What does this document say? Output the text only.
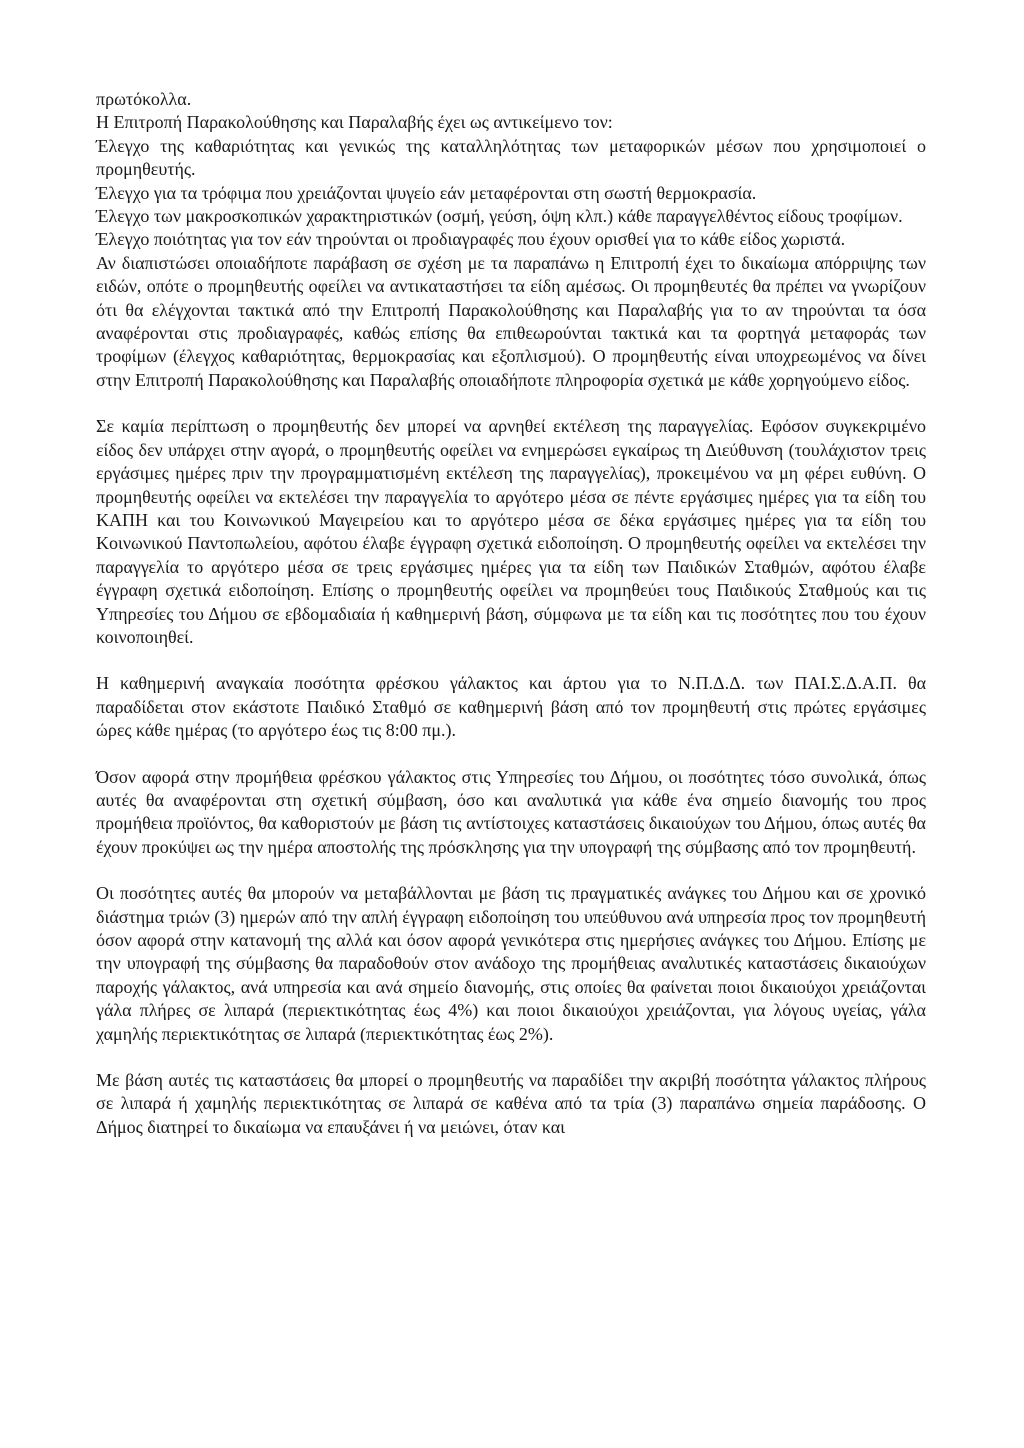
πρωτόκολλα.

Η Επιτροπή Παρακολούθησης και Παραλαβής έχει ως αντικείμενο τον:

Έλεγχο της καθαριότητας και γενικώς της καταλληλότητας των μεταφορικών μέσων που χρησιμοποιεί ο προμηθευτής.

Έλεγχο για τα τρόφιμα που χρειάζονται ψυγείο εάν μεταφέρονται στη σωστή θερμοκρασία.

Έλεγχο των μακροσκοπικών χαρακτηριστικών (οσμή, γεύση, όψη κλπ.) κάθε παραγγελθέντος είδους τροφίμων.

Έλεγχο ποιότητας για τον εάν τηρούνται οι προδιαγραφές που έχουν ορισθεί για το κάθε είδος χωριστά.

Αν διαπιστώσει οποιαδήποτε παράβαση σε σχέση με τα παραπάνω η Επιτροπή έχει το δικαίωμα απόρριψης των ειδών, οπότε ο προμηθευτής οφείλει να αντικαταστήσει τα είδη αμέσως. Οι προμηθευτές θα πρέπει να γνωρίζουν ότι θα ελέγχονται τακτικά από την Επιτροπή Παρακολούθησης και Παραλαβής για το αν τηρούνται τα όσα αναφέρονται στις προδιαγραφές, καθώς επίσης θα επιθεωρούνται τακτικά και τα φορτηγά μεταφοράς των τροφίμων (έλεγχος καθαριότητας, θερμοκρασίας και εξοπλισμού). Ο προμηθευτής είναι υποχρεωμένος να δίνει στην Επιτροπή Παρακολούθησης και Παραλαβής οποιαδήποτε πληροφορία σχετικά με κάθε χορηγούμενο είδος.

Σε καμία περίπτωση ο προμηθευτής δεν μπορεί να αρνηθεί εκτέλεση της παραγγελίας. Εφόσον συγκεκριμένο είδος δεν υπάρχει στην αγορά, ο προμηθευτής οφείλει να ενημερώσει εγκαίρως τη Διεύθυνση (τουλάχιστον τρεις εργάσιμες ημέρες πριν την προγραμματισμένη εκτέλεση της παραγγελίας), προκειμένου να μη φέρει ευθύνη. Ο προμηθευτής οφείλει να εκτελέσει την παραγγελία το αργότερο μέσα σε πέντε εργάσιμες ημέρες για τα είδη του ΚΑΠΗ και του Κοινωνικού Μαγειρείου και το αργότερο μέσα σε δέκα εργάσιμες ημέρες για τα είδη του Κοινωνικού Παντοπωλείου, αφότου έλαβε έγγραφη σχετικά ειδοποίηση. Ο προμηθευτής οφείλει να εκτελέσει την παραγγελία το αργότερο μέσα σε τρεις εργάσιμες ημέρες για τα είδη των Παιδικών Σταθμών, αφότου έλαβε έγγραφη σχετικά ειδοποίηση. Επίσης ο προμηθευτής οφείλει να προμηθεύει τους Παιδικούς Σταθμούς και τις Υπηρεσίες του Δήμου σε εβδομαδιαία ή καθημερινή βάση, σύμφωνα με τα είδη και τις ποσότητες που του έχουν κοινοποιηθεί.

Η καθημερινή αναγκαία ποσότητα φρέσκου γάλακτος και άρτου για το Ν.Π.Δ.Δ. των ΠΑΙ.Σ.Δ.Α.Π. θα παραδίδεται στον εκάστοτε Παιδικό Σταθμό σε καθημερινή βάση από τον προμηθευτή στις πρώτες εργάσιμες ώρες κάθε ημέρας (το αργότερο έως τις 8:00 πμ.).

Όσον αφορά στην προμήθεια φρέσκου γάλακτος στις Υπηρεσίες του Δήμου, οι ποσότητες τόσο συνολικά, όπως αυτές θα αναφέρονται στη σχετική σύμβαση, όσο και αναλυτικά για κάθε ένα σημείο διανομής του προς προμήθεια προϊόντος, θα καθοριστούν με βάση τις αντίστοιχες καταστάσεις δικαιούχων του Δήμου, όπως αυτές θα έχουν προκύψει ως την ημέρα αποστολής της πρόσκλησης για την υπογραφή της σύμβασης από τον προμηθευτή.

Οι ποσότητες αυτές θα μπορούν να μεταβάλλονται με βάση τις πραγματικές ανάγκες του Δήμου και σε χρονικό διάστημα τριών (3) ημερών από την απλή έγγραφη ειδοποίηση του υπεύθυνου ανά υπηρεσία προς τον προμηθευτή όσον αφορά στην κατανομή της αλλά και όσον αφορά γενικότερα στις ημερήσιες ανάγκες του Δήμου. Επίσης με την υπογραφή της σύμβασης θα παραδοθούν στον ανάδοχο της προμήθειας αναλυτικές καταστάσεις δικαιούχων παροχής γάλακτος, ανά υπηρεσία και ανά σημείο διανομής, στις οποίες θα φαίνεται ποιοι δικαιούχοι χρειάζονται γάλα πλήρες σε λιπαρά (περιεκτικότητας έως 4%) και ποιοι δικαιούχοι χρειάζονται, για λόγους υγείας, γάλα χαμηλής περιεκτικότητας σε λιπαρά (περιεκτικότητας έως 2%).

Με βάση αυτές τις καταστάσεις θα μπορεί ο προμηθευτής να παραδίδει την ακριβή ποσότητα γάλακτος πλήρους σε λιπαρά ή χαμηλής περιεκτικότητας σε λιπαρά σε καθένα από τα τρία (3) παραπάνω σημεία παράδοσης. Ο Δήμος διατηρεί το δικαίωμα να επαυξάνει ή να μειώνει, όταν και
